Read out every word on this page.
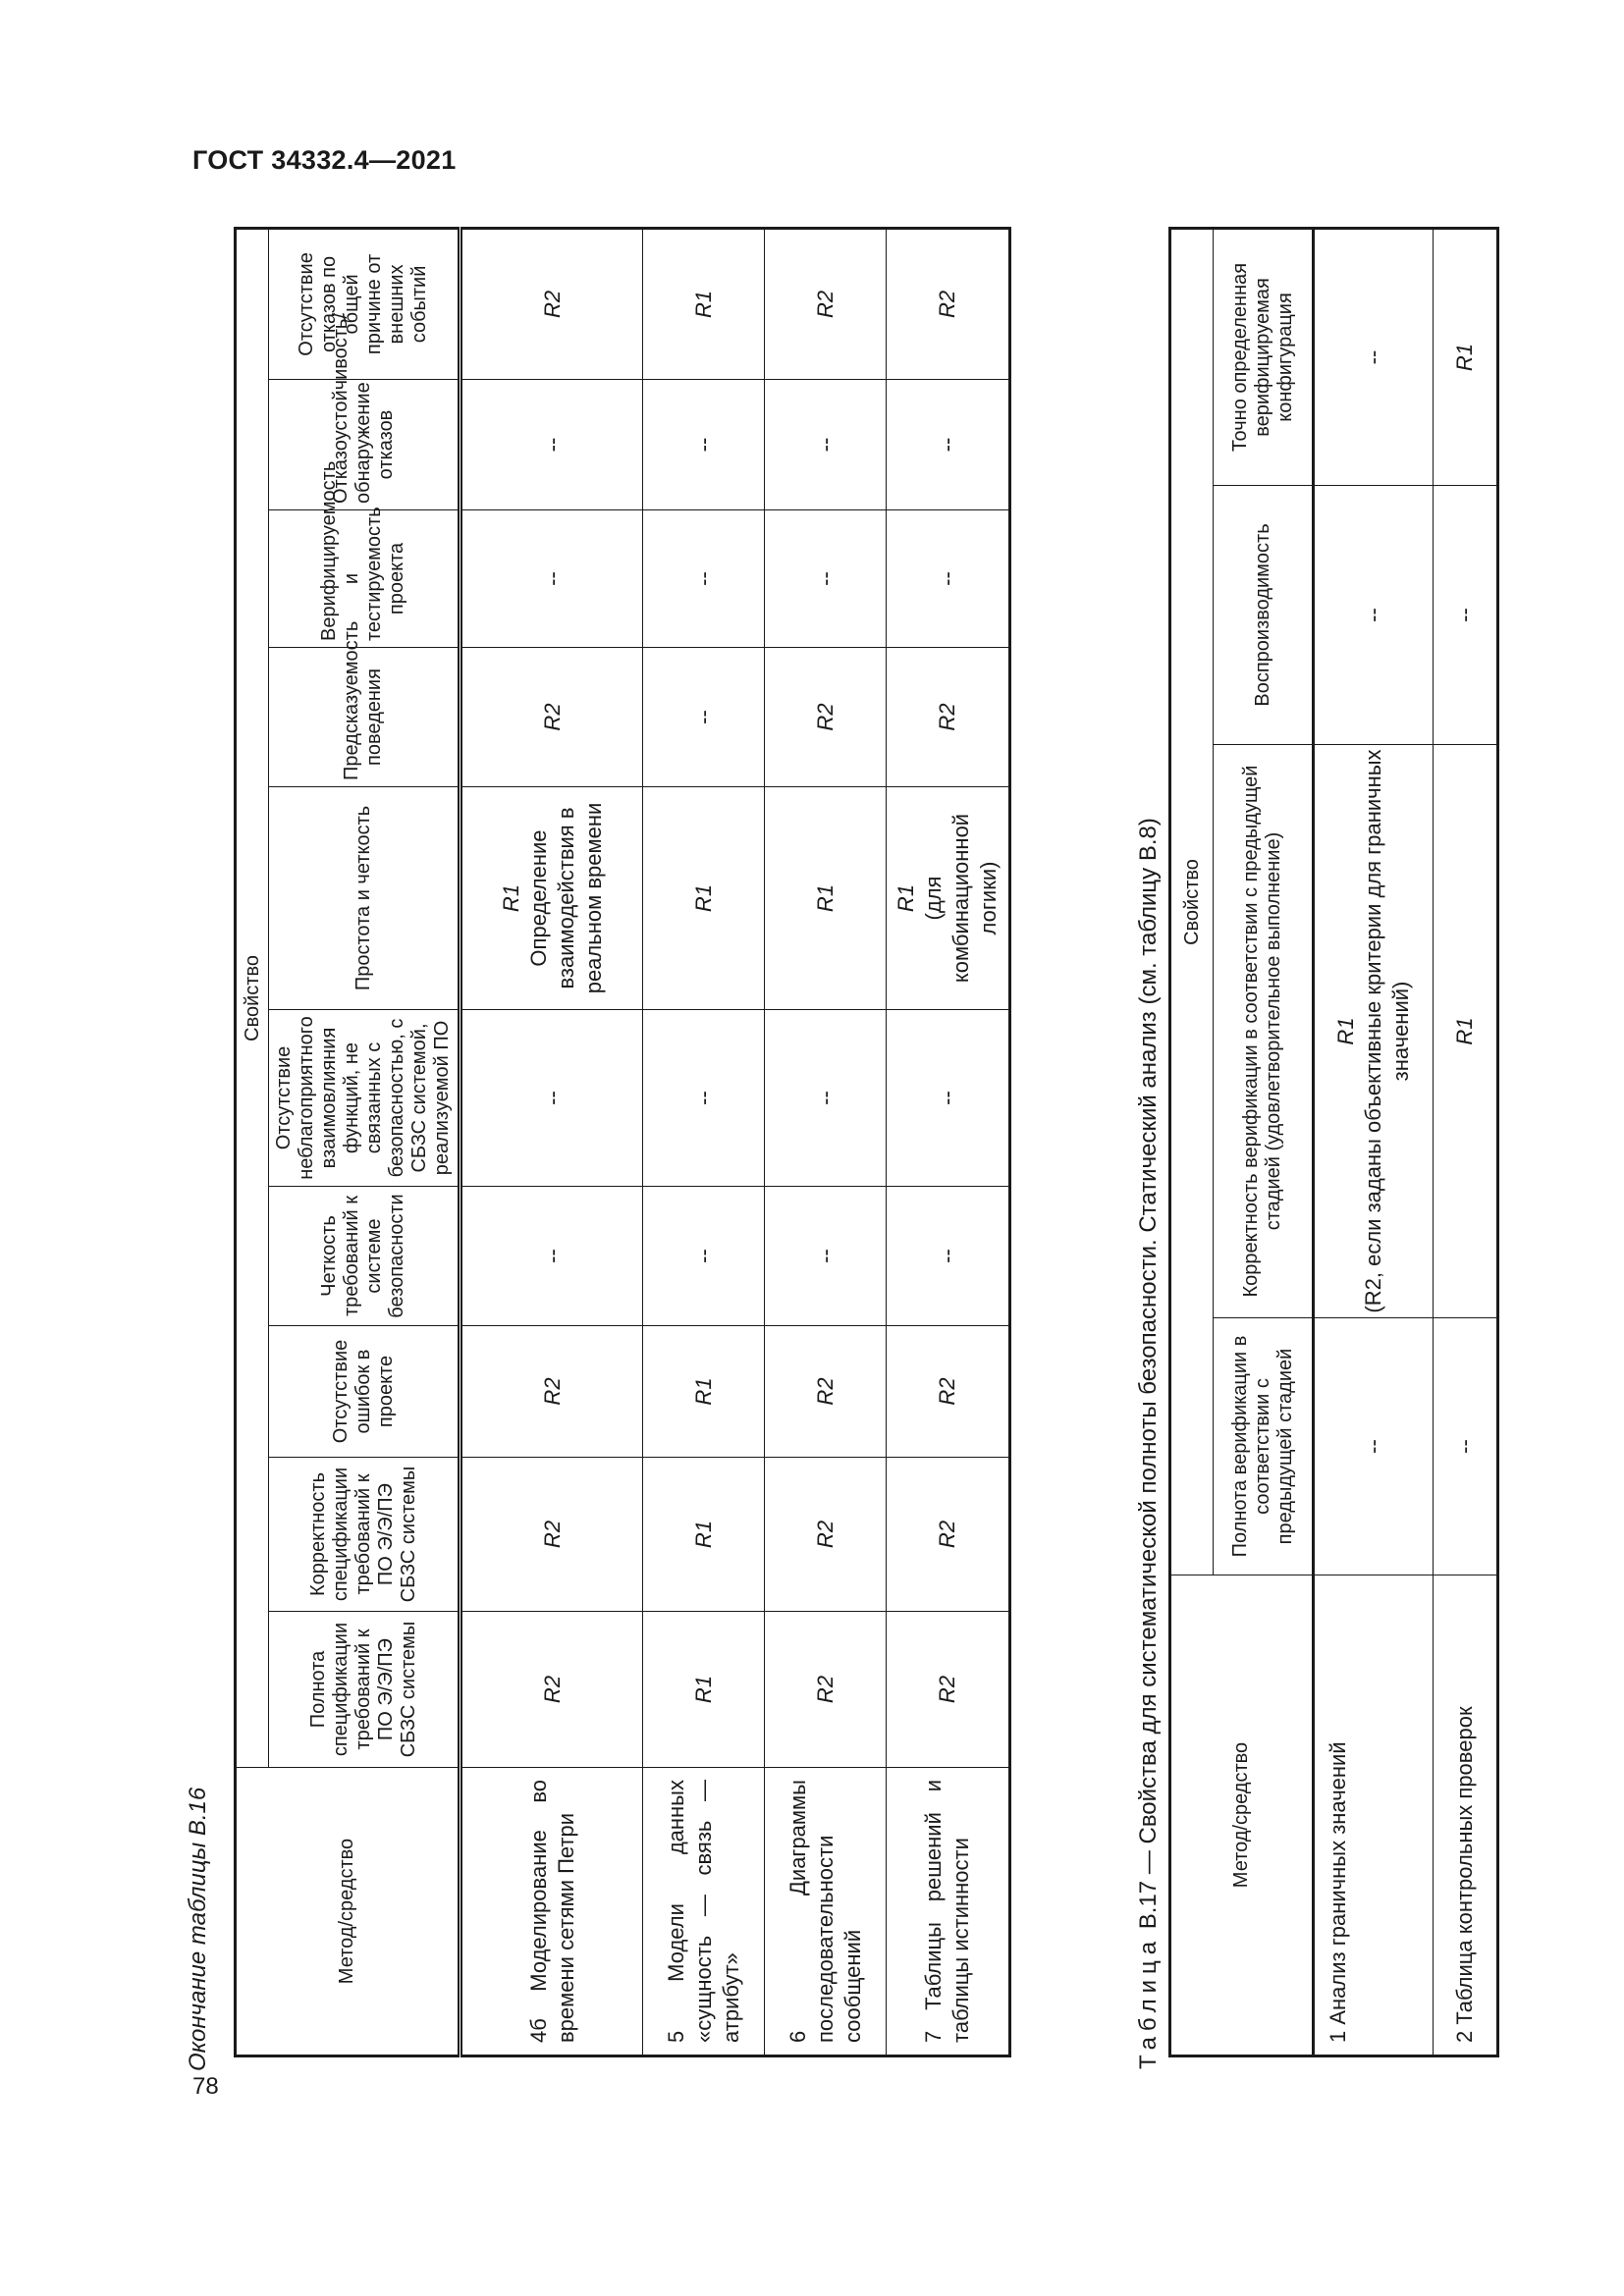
ГОСТ 34332.4—2021
Окончание таблицы В.16	Метод/средство	Свойство									
	Полнота спецификации требований к ПО Э/Э/ПЭ СБЗС системы	Корректность спецификации требований к ПО Э/Э/ПЭ СБЗС системы	Отсутствие ошибок в проекте	Четкость требований к системе безопасности	Отсутствие неблагоприятного взаимовлияния функций, не связанных с безопасностью, с СБЗС системой, реализуемой ПО	Простота и четкость	Предсказуемость поведения	Верифицируемость и тестируемость проекта	Отказоустойчивость/обнаружение отказов	Отсутствие отказов по общей причине от внешних событий
4б Моделирование во времени сетями Петри	R2	R2	R2	--	--	R1 Определение взаимодействия в реальном времени	R2	--	--	R2
5 Модели данных «сущность — связь — атрибут»	R1	R1	R1	--	--	R1	--	--	--	R1
6 Диаграммы последовательности сообщений	R2	R2	R2	--	--	R1	R2	--	--	R2
7 Таблицы решений и таблицы истинности	R2	R2	R2	--	--	R1 (для комбинационной логики)	R2	--	--	R2
Таблица В.17 — Свойства для систематической полноты безопасности. Статический анализ (см. таблицу В.8)	Метод/средство	Свойство			
	Полнота верификации в соответствии с предыдущей стадией	Корректность верификации в соответствии с предыдущей стадией (удовлетворительное выполнение)	Воспроизводимость	Точно определенная верифицируемая конфигурация
1 Анализ граничных значений	--	R1 (R2, если заданы объективные критерии для граничных значений)	--	--
2 Таблица контрольных проверок	--	R1	--	R1
78
